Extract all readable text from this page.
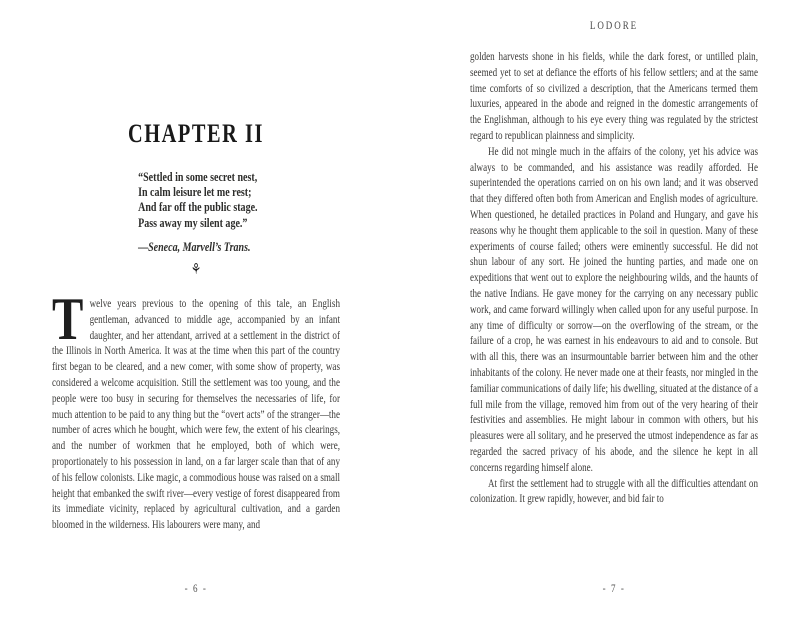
CHAPTER II
“Settled in some secret nest,
In calm leisure let me rest;
And far off the public stage.
Pass away my silent age.”
—Seneca, Marvell’s Trans.
⚘

Twelve years previous to the opening of this tale, an English gentleman, advanced to middle age, accompanied by an infant daughter, and her attendant, arrived at a settlement in the district of the Illinois in North America. It was at the time when this part of the country first began to be cleared, and a new comer, with some show of property, was considered a welcome acquisition. Still the settlement was too young, and the people were too busy in securing for themselves the necessaries of life, for much attention to be paid to any thing but the “overt acts” of the stranger—the number of acres which he bought, which were few, the extent of his clearings, and the number of workmen that he employed, both of which were, proportionately to his possession in land, on a far larger scale than that of any of his fellow colonists. Like magic, a commodious house was raised on a small height that embanked the swift river—every vestige of forest disappeared from its immediate vicinity, replaced by agricultural cultivation, and a garden bloomed in the wilderness. His labourers were many, and

- 6 -
LODORE

golden harvests shone in his fields, while the dark forest, or untilled plain, seemed yet to set at defiance the efforts of his fellow settlers; and at the same time comforts of so civilized a description, that the Americans termed them luxuries, appeared in the abode and reigned in the domestic arrangements of the Englishman, although to his eye every thing was regulated by the strictest regard to republican plainness and simplicity.

He did not mingle much in the affairs of the colony, yet his advice was always to be commanded, and his assistance was readily afforded. He superintended the operations carried on on his own land; and it was observed that they differed often both from American and English modes of agriculture. When questioned, he detailed practices in Poland and Hungary, and gave his reasons why he thought them applicable to the soil in question. Many of these experiments of course failed; others were eminently successful. He did not shun labour of any sort. He joined the hunting parties, and made one on expeditions that went out to explore the neighbouring wilds, and the haunts of the native Indians. He gave money for the carrying on any necessary public work, and came forward willingly when called upon for any useful purpose. In any time of difficulty or sorrow—on the overflowing of the stream, or the failure of a crop, he was earnest in his endeavours to aid and to console. But with all this, there was an insurmountable barrier between him and the other inhabitants of the colony. He never made one at their feasts, nor mingled in the familiar communications of daily life; his dwelling, situated at the distance of a full mile from the village, removed him from out of the very hearing of their festivities and assemblies. He might labour in common with others, but his pleasures were all solitary, and he preserved the utmost independence as far as regarded the sacred privacy of his abode, and the silence he kept in all concerns regarding himself alone.

At first the settlement had to struggle with all the difficulties attendant on colonization. It grew rapidly, however, and bid fair to

- 7 -
